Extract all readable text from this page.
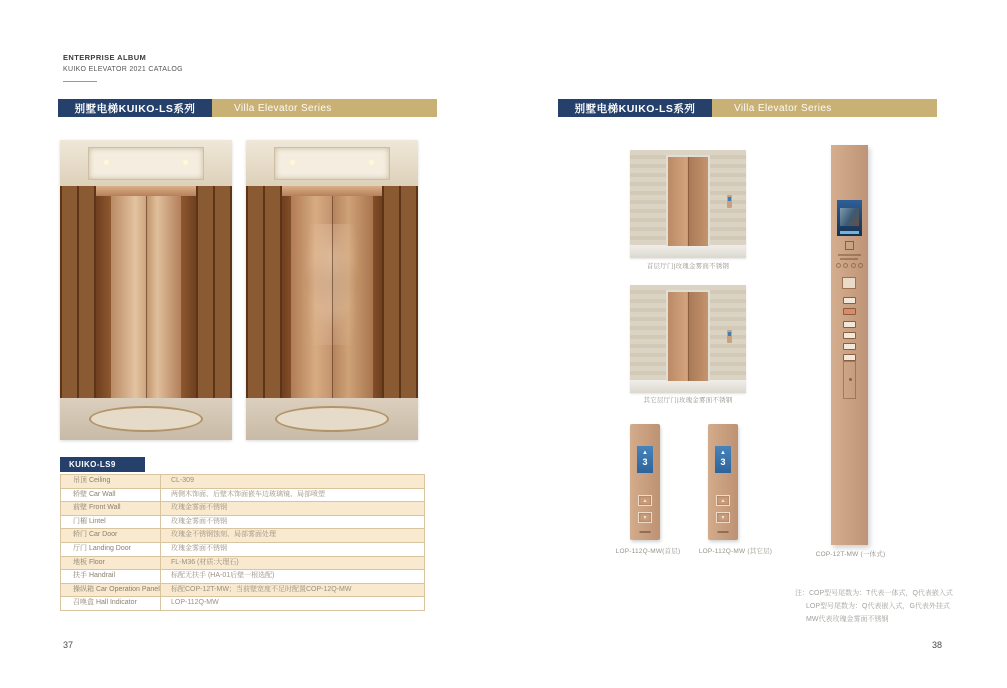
ENTERPRISE ALBUM
KUIKO ELEVATOR 2021 CATALOG
别墅电梯KUIKO-LS系列	Villa Elevator Series
KUIKO-LS9
吊顶 Ceiling	CL-309
轿壁 Car Wall	两侧木饰面、后壁木饰面嵌车边玻璃镜、局部喷塑
前壁 Front Wall	玫瑰金雾面不锈钢
门楣 Lintel	玫瑰金雾面不锈钢
轿门 Car Door	玫瑰金不锈钢蚀刻、局部雾面处理
厅门 Landing Door	玫瑰金雾面不锈钢
地板 Floor	FL-M36 (材质:大理石)
扶手 Handrail	标配无扶手 (HA-01后壁一根选配)
操纵箱 Car Operation Panel	标配COP-12T-MW；当前壁宽度不足时配置COP-12Q-MW
召唤盒 Hall Indicator	LOP-112Q-MW
37
别墅电梯KUIKO-LS系列	Villa Elevator Series
首层厅门|玫瑰金雾面不锈钢
其它层厅门|玫瑰金雾面不锈钢
▲
3
▲
▼
▲
3
▲
▼
LOP-112Q-MW(首层)	LOP-112Q-MW (其它层)	COP-12T-MW (一体式)
注：COP型号尾数为：T代表一体式，Q代表嵌入式
LOP型号尾数为：Q代表嵌入式，G代表外挂式
MW代表玫瑰金雾面不锈钢
38
